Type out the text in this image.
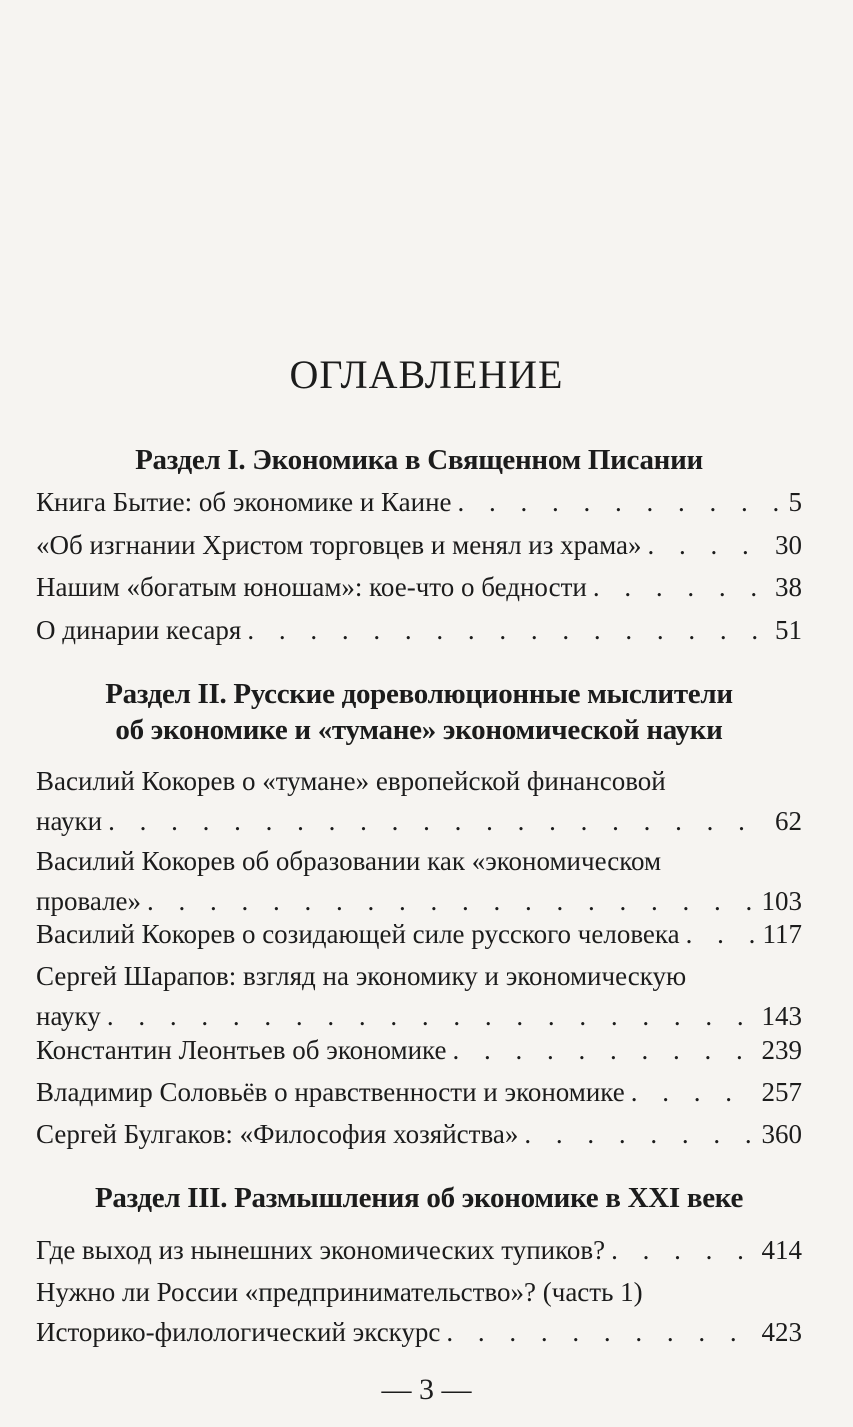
ОГЛАВЛЕНИЕ
Раздел I. Экономика в Священном Писании
Книга Бытие: об экономике и Каине . . .	5
«Об изгнании Христом торговцев и менял из храма» . . .	30
Нашим «богатым юношам»: кое-что о бедности . . .	38
О динарии кесаря . . .	51
Раздел II. Русские дореволюционные мыслители
об экономике и «тумане» экономической науки
Василий Кокорев о «тумане» европейской финансовой
науки . . .	62
Василий Кокорев об образовании как «экономическом
провале» . . .	103
Василий Кокорев о созидающей силе русского человека . . .	117
Сергей Шарапов: взгляд на экономику и экономическую
науку . . .	143
Константин Леонтьев об экономике . . .	239
Владимир Соловьёв о нравственности и экономике . . .	257
Сергей Булгаков: «Философия хозяйства» . . .	360
Раздел III. Размышления об экономике в XXI веке
Где выход из нынешних экономических тупиков? . . .	414
Нужно ли России «предпринимательство»? (часть 1)
Историко-филологический экскурс . . .	423
— 3 —
